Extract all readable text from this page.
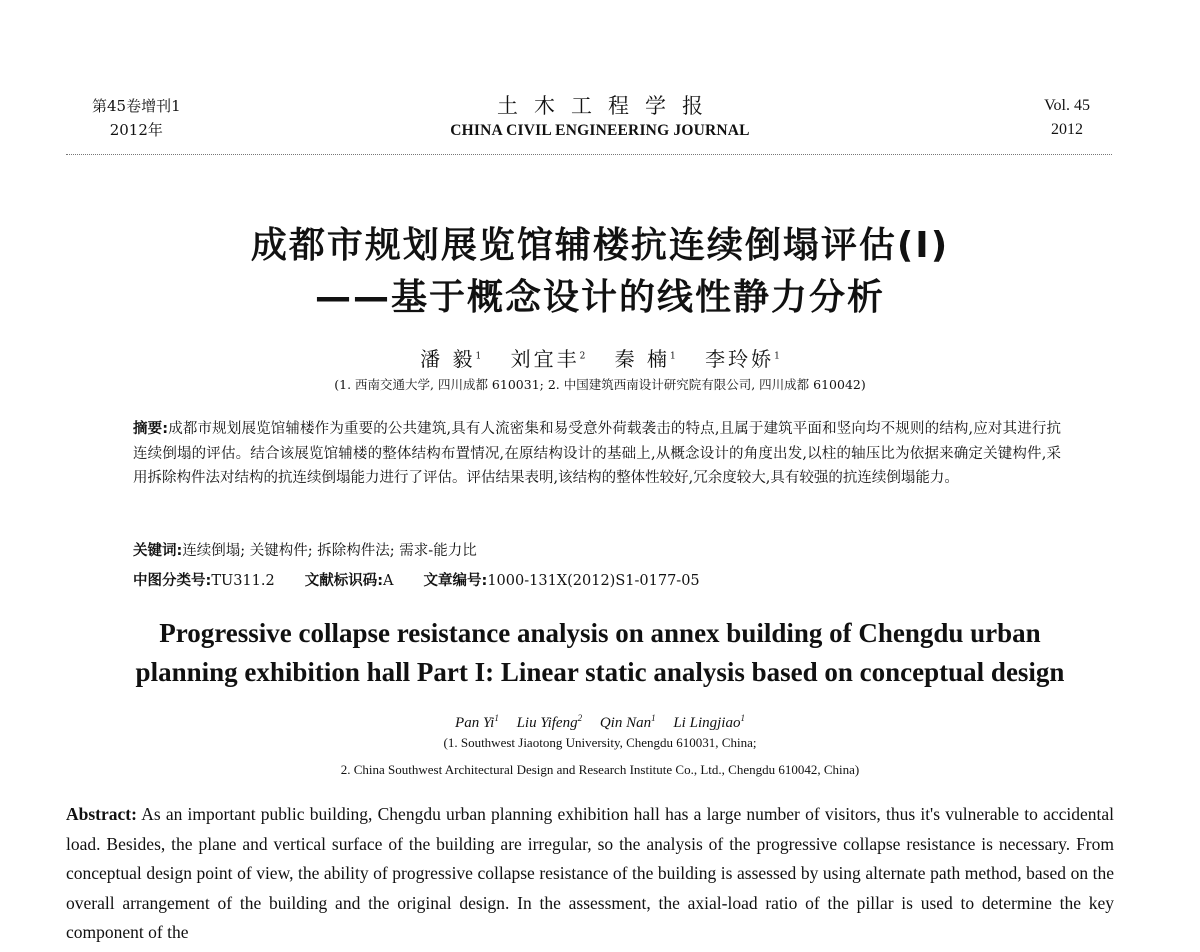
第45卷增刊1
2012年
土木工程学报
CHINA CIVIL ENGINEERING JOURNAL
Vol. 45
2012
成都市规划展览馆辅楼抗连续倒塌评估(I)
——基于概念设计的线性静力分析
潘 毅$^1$ 刘宜丰$^2$ 秦 楠$^1$ 李玲娇$^1$
(1. 西南交通大学, 四川成都 610031; 2. 中国建筑西南设计研究院有限公司, 四川成都 610042)
摘要:成都市规划展览馆辅楼作为重要的公共建筑,具有人流密集和易受意外荷载袭击的特点,且属于建筑平面和竖向均不规则的结构,应对其进行抗连续倒塌的评估。结合该展览馆辅楼的整体结构布置情况,在原结构设计的基础上,从概念设计的角度出发,以柱的轴压比为依据来确定关键构件,采用拆除构件法对结构的抗连续倒塌能力进行了评估。评估结果表明,该结构的整体性较好,冗余度较大,具有较强的抗连续倒塌能力。
关键词:连续倒塌; 关键构件; 拆除构件法; 需求-能力比
中图分类号:TU311.2 文献标识码:A 文章编号:1000-131X(2012)S1-0177-05
Progressive collapse resistance analysis on annex building of Chengdu urban
planning exhibition hall Part I: Linear static analysis based on conceptual design
Pan Yi$^1$ Liu Yifeng$^2$ Qin Nan$^1$ Li Lingjiao$^1$
(1. Southwest Jiaotong University, Chengdu 610031, China;
2. China Southwest Architectural Design and Research Institute Co., Ltd., Chengdu 610042, China)
Abstract: As an important public building, Chengdu urban planning exhibition hall has a large number of visitors, thus it's vulnerable to accidental load. Besides, the plane and vertical surface of the building are irregular, so the analysis of the progressive collapse resistance is necessary. From conceptual design point of view, the ability of progressive collapse resistance of the building is assessed by using alternate path method, based on the overall arrangement of the building and the original design. In the assessment, the axial-load ratio of the pillar is used to determine the key component of the
